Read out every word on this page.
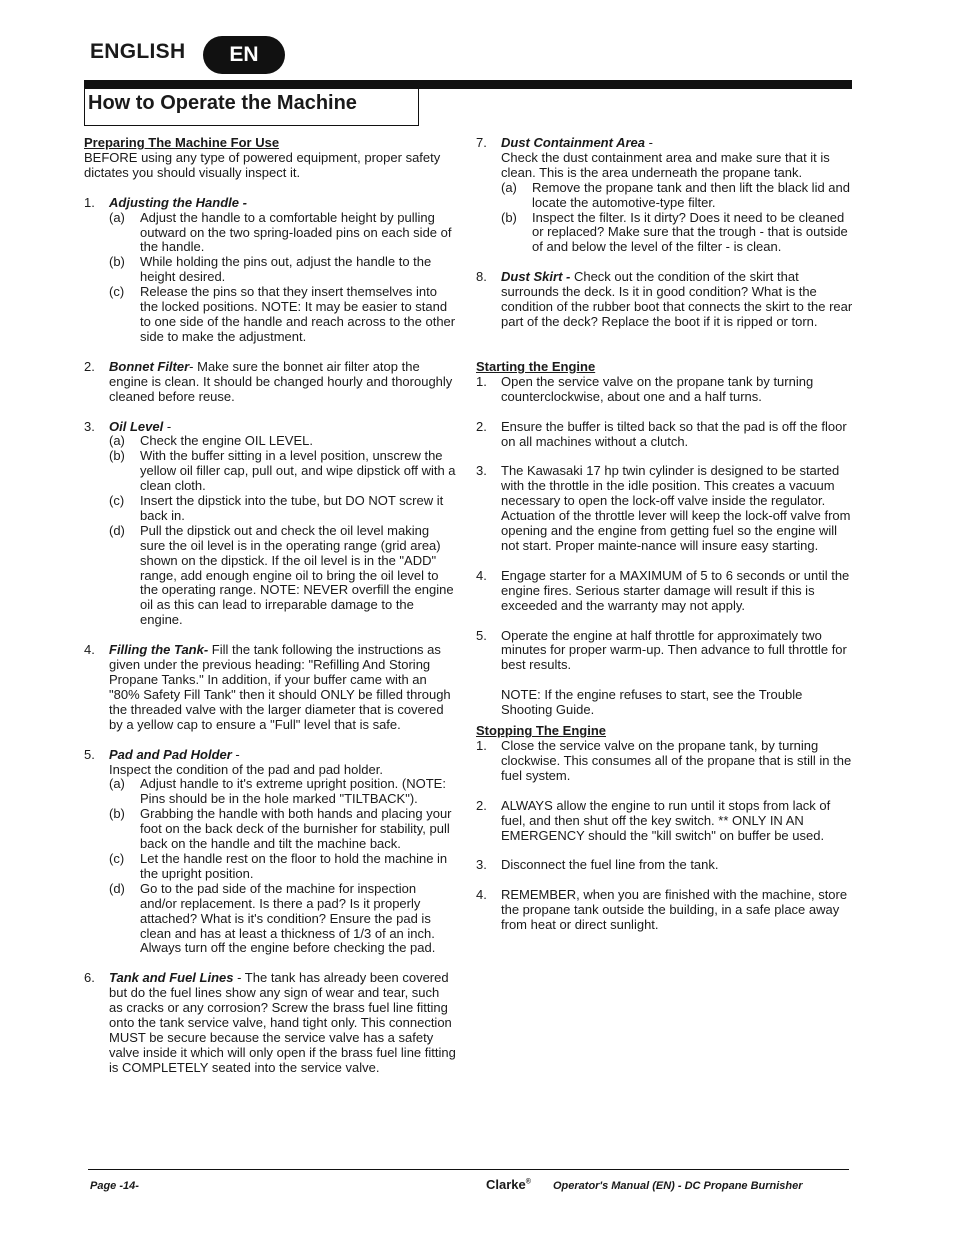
ENGLISH	EN
How to Operate the Machine

Preparing The Machine For Use

BEFORE using any type of powered equipment, proper safety dictates you should visually inspect it.

1.	Adjusting the Handle -

(a)	Adjust the handle to a comfortable height by pulling outward on the two spring-loaded pins on each side of the handle.
(b)	While holding the pins out, adjust the handle to the height desired.
(c)	Release the pins so that they insert themselves into the locked positions. NOTE: It may be easier to stand to one side of the handle and reach across to the other side to make the adjustment.
2.	Bonnet Filter- Make sure the bonnet air filter atop the engine is clean. It should be changed hourly and thoroughly cleaned before reuse.

3.	Oil Level -

(a)	Check the engine OIL LEVEL.
(b)	With the buffer sitting in a level position, unscrew the yellow oil filler cap, pull out, and wipe dipstick off with a clean cloth.
(c)	Insert the dipstick into the tube, but DO NOT screw it back in.
(d)	Pull the dipstick out and check the oil level making sure the oil level is in the operating range (grid area) shown on the dipstick. If the oil level is in the "ADD" range, add enough engine oil to bring the oil level to the operating range. NOTE: NEVER overfill the engine oil as this can lead to irreparable damage to the engine.
4.	Filling the Tank- Fill the tank following the instructions as given under the previous heading: "Refilling And Storing Propane Tanks." In addition, if your buffer came with an "80% Safety Fill Tank" then it should ONLY be filled through the threaded valve with the larger diameter that is covered by a yellow cap to ensure a "Full" level that is safe.

5.	Pad and Pad Holder -

Inspect the condition of the pad and pad holder.

(a)	Adjust handle to it's extreme upright position. (NOTE: Pins should be in the hole marked "TILTBACK").
(b)	Grabbing the handle with both hands and placing your foot on the back deck of the burnisher for stability, pull back on the handle and tilt the machine back.
(c)	Let the handle rest on the floor to hold the machine in the upright position.
(d)	Go to the pad side of the machine for inspection and/or replacement. Is there a pad? Is it properly attached? What is it's condition? Ensure the pad is clean and has at least a thickness of 1/3 of an inch. Always turn off the engine before checking the pad.
6.	Tank and Fuel Lines - The tank has already been covered but do the fuel lines show any sign of wear and tear, such as cracks or any corrosion? Screw the brass fuel line fitting onto the tank service valve, hand tight only. This connection MUST be secure because the service valve has a safety valve inside it which will only open if the brass fuel line fitting is COMPLETELY seated into the service valve.

7.	Dust Containment Area -

Check the dust containment area and make sure that it is clean. This is the area underneath the propane tank.

(a)	Remove the propane tank and then lift the black lid and locate the automotive-type filter.
(b)	Inspect the filter. Is it dirty? Does it need to be cleaned or replaced? Make sure that the trough - that is outside of and below the level of the filter - is clean.
8.	Dust Skirt - Check out the condition of the skirt that surrounds the deck. Is it in good condition? What is the condition of the rubber boot that connects the skirt to the rear part of the deck? Replace the boot if it is ripped or torn.

Starting the Engine

1.	Open the service valve on the propane tank by turning counterclockwise, about one and a half turns.

2.	Ensure the buffer is tilted back so that the pad is off the floor

on all machines without a clutch.

3.	The Kawasaki 17 hp twin cylinder is designed to be started with the throttle in the idle position. This creates a vacuum necessary to open the lock-off valve inside the regulator. Actuation of the throttle lever will keep the lock-off valve from opening and the engine from getting fuel so the engine will not start. Proper mainte-nance will insure easy starting.

4.	Engage starter for a MAXIMUM of 5 to 6 seconds or until the engine fires. Serious starter damage will result if this is exceeded and the warranty may not apply.

5.	Operate the engine at half throttle for approximately two minutes for proper warm-up. Then advance to full throttle for best results.

NOTE: If the engine refuses to start, see the Trouble Shooting Guide.

Stopping The Engine

1.	Close the service valve on the propane tank, by turning clockwise. This consumes all of the propane that is still in the fuel system.

2.	ALWAYS allow the engine to run until it stops from lack of fuel, and then shut off the key switch. ** ONLY IN AN EMERGENCY should the "kill switch" on buffer be used.

3.	Disconnect the fuel line from the tank.

4.	REMEMBER, when you are finished with the machine, store the propane tank outside the building, in a safe place away from heat or direct sunlight.

Page -14-	Clarke® Operator's Manual (EN) - DC Propane Burnisher
